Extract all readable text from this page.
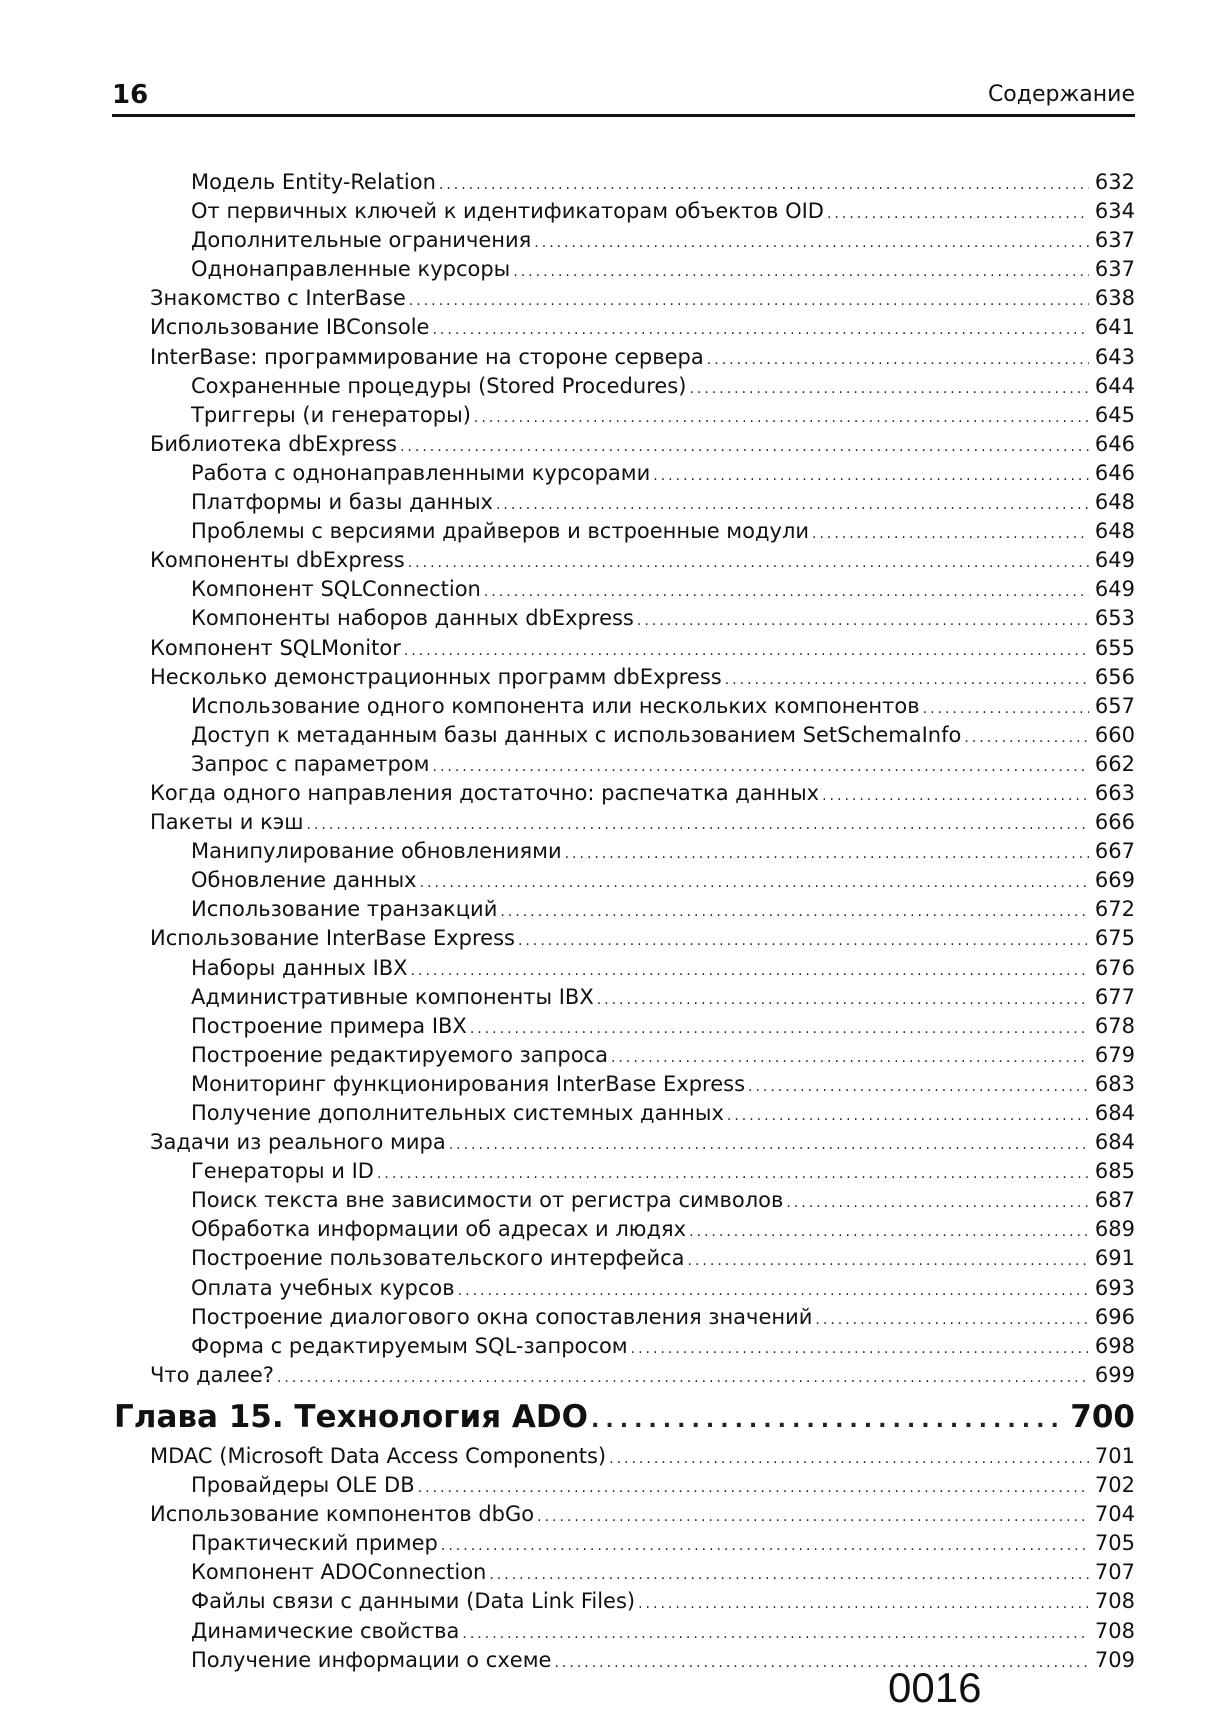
16	Содержание
Модель Entity-Relation .....	632
От первичных ключей к идентификаторам объектов OID .....	634
Дополнительные ограничения .....	637
Однонаправленные курсоры .....	637
Знакомство с InterBase .....	638
Использование IBConsole .....	641
InterBase: программирование на стороне сервера .....	643
Сохраненные процедуры (Stored Procedures) .....	644
Триггеры (и генераторы) .....	645
Библиотека dbExpress .....	646
Работа с однонаправленными курсорами .....	646
Платформы и базы данных .....	648
Проблемы с версиями драйверов и встроенные модули .....	648
Компоненты dbExpress .....	649
Компонент SQLConnection .....	649
Компоненты наборов данных dbExpress .....	653
Компонент SQLMonitor .....	655
Несколько демонстрационных программ dbExpress .....	656
Использование одного компонента или нескольких компонентов .....	657
Доступ к метаданным базы данных с использованием SetSchemaInfo .....	660
Запрос с параметром .....	662
Когда одного направления достаточно: распечатка данных .....	663
Пакеты и кэш .....	666
Манипулирование обновлениями .....	667
Обновление данных .....	669
Использование транзакций .....	672
Использование InterBase Express .....	675
Наборы данных IBX .....	676
Административные компоненты IBX .....	677
Построение примера IBX .....	678
Построение редактируемого запроса .....	679
Мониторинг функционирования InterBase Express .....	683
Получение дополнительных системных данных .....	684
Задачи из реального мира .....	684
Генераторы и ID .....	685
Поиск текста вне зависимости от регистра символов .....	687
Обработка информации об адресах и людях .....	689
Построение пользовательского интерфейса .....	691
Оплата учебных курсов .....	693
Построение диалогового окна сопоставления значений .....	696
Форма с редактируемым SQL-запросом .....	698
Что далее? .....	699
Глава 15. Технология ADO .....	700
MDAC (Microsoft Data Access Components) .....	701
Провайдеры OLE DB .....	702
Использование компонентов dbGo .....	704
Практический пример .....	705
Компонент ADOConnection .....	707
Файлы связи с данными (Data Link Files) .....	708
Динамические свойства .....	708
Получение информации о схеме .....	709
0016
